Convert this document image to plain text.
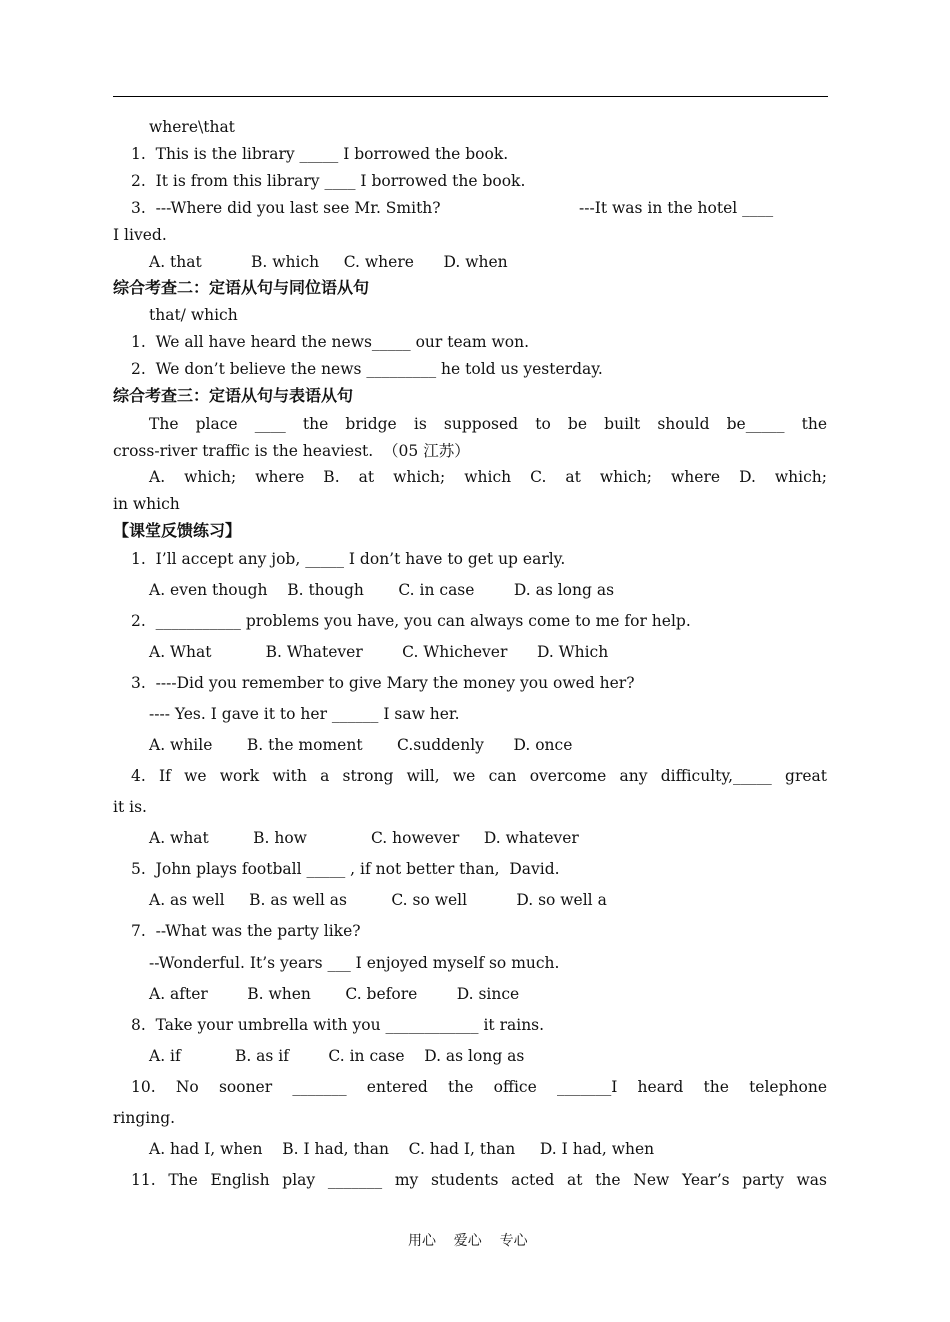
where\that
1.  This is the library _____ I borrowed the book.
2.  It is from this library ____ I borrowed the book.
3.  ---Where did you last see Mr. Smith?	---It was in the hotel ____
I lived.
A. that          B. which     C. where      D. when
综合考查二：定语从句与同位语从句
that/ which
1.  We all have heard the news_____ our team won.
2.  We don’t believe the news _________ he told us yesterday.
综合考查三：定语从句与表语从句
The place ____ the bridge is supposed to be built should be_____ the
cross-river traffic is the heaviest.  （05 江苏）
A. which; where B. at which; which C. at which; where D. which;
in which
【课堂反馈练习】
1.  I’ll accept any job, _____ I don’t have to get up early.
A. even though    B. though       C. in case        D. as long as
2.  ___________ problems you have, you can always come to me for help.
A. What           B. Whatever        C. Whichever      D. Which
3.  ----Did you remember to give Mary the money you owed her?
---- Yes. I gave it to her ______ I saw her.
A. while       B. the moment       C.suddenly      D. once
4. If we work with a strong will, we can overcome any difficulty,_____ great
it is.
A. what         B. how             C. however     D. whatever
5.  John plays football _____ , if not better than,  David.
A. as well     B. as well as         C. so well          D. so well a
7.  --What was the party like?
--Wonderful. It’s years ___ I enjoyed myself so much.
A. after        B. when       C. before        D. since
8.  Take your umbrella with you ____________ it rains.
A. if           B. as if        C. in case    D. as long as
10. No sooner _______ entered the office _______I heard the telephone
ringing.
A. had I, when    B. I had, than    C. had I, than     D. I had, when
11. The English play _______ my students acted at the New Year’s party was
用心    爱心    专心
